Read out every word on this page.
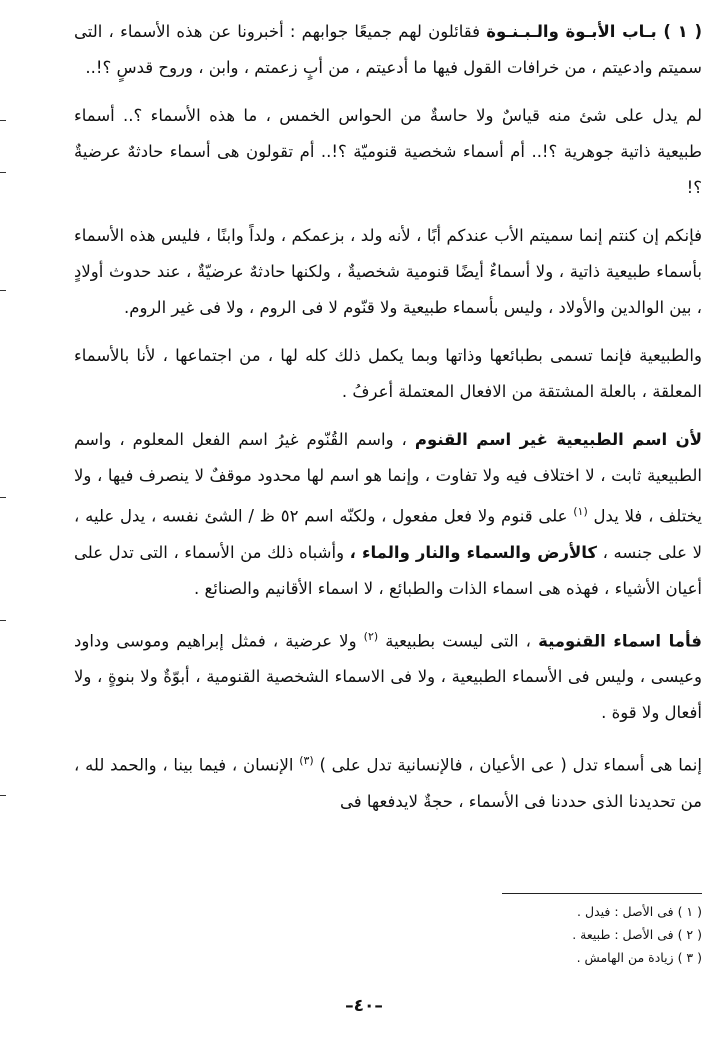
( ١ ) بـاب الأبـوة والـبـنـوة فقائلون لهم جميعًا جوابهم : أخبرونا عن هذه الأسماء ، التى سميتم وادعيتم ، من خرافات القول فيها ما أدعيتم ، من أبٍ زعمتم ، وابن ، وروح قدسٍ ؟!..

لم يدل على شئ منه قياسٌ ولا حاسةٌ من الحواس الخمس ، ما هذه الأسماء ؟.. أسماء طبيعية ذاتية جوهرية ؟!.. أم أسماء شخصية قنوميّة ؟!.. أم تقولون هى أسماء حادثهٌ عرضيةٌ ؟!

فإنكم إن كنتم إنما سميتم الأب عندكم أبًا ، لأنه ولد ، بزعمكم ، ولداً وابنًا ، فليس هذه الأسماء بأسماء طبيعية ذاتية ، ولا أسماءٌ أيضًا قنومية شخصيةٌ ، ولكنها حادثهٌ عرضيّةٌ ، عند حدوث أولادٍ ، بين الوالدين والأولاد ، وليس بأسماء طبيعية ولا قنّوم لا فى الروم ، ولا فى غير الروم.

والطبيعية فإنما تسمى بطبائعها وذاتها وبما يكمل ذلك كله لها ، من اجتماعها ، لأنا بالأسماء المعلقة ، بالعلة المشتقة من الافعال المعتملة أعرفُ .

لأن اسم الطبيعية غير اسم القنوم ، واسم القُنّوم غيرُ اسم الفعل المعلوم ، واسم الطبيعية ثابت ، لا اختلاف فيه ولا تفاوت ، وإنما هو اسم لها محدود موقفٌ لا ينصرف فيها ، ولا يختلف ، فلا يدل $^{(١)}$ على قنوم ولا فعل مفعول ، ولكنّه اسم ٥٢ ظ / الشئ نفسه ، يدل عليه ، لا على جنسه ، كالأرض والسماء والنار والماء ، وأشباه ذلك من الأسماء ، التى تدل على أعيان الأشياء ، فهذه هى اسماء الذات والطبائع ، لا اسماء الأقانيم والصنائع .

فأما اسماء القنومية ، التى ليست بطبيعية $^{(٢)}$ ولا عرضية ، فمثل إبراهيم وموسى وداود وعيسى ، وليس فى الأسماء الطبيعية ، ولا فى الاسماء الشخصية القنومية ، أبوّةٌ ولا بنوةٍ ، ولا أفعال ولا قوة .

إنما هى أسماء تدل ( عى الأعيان ، فالإنسانية تدل على ) $^{(٣)}$ الإنسان ، فيما بينا ، والحمد لله ، من تحديدنا الذى حددنا فى الأسماء ، حجةٌ لايدفعها فى

( ١ ) فى الأصل : فيدل .
( ٢ ) فى الأصل : طبيعة .
( ٣ ) زيادة من الهامش .
–٤٠–
